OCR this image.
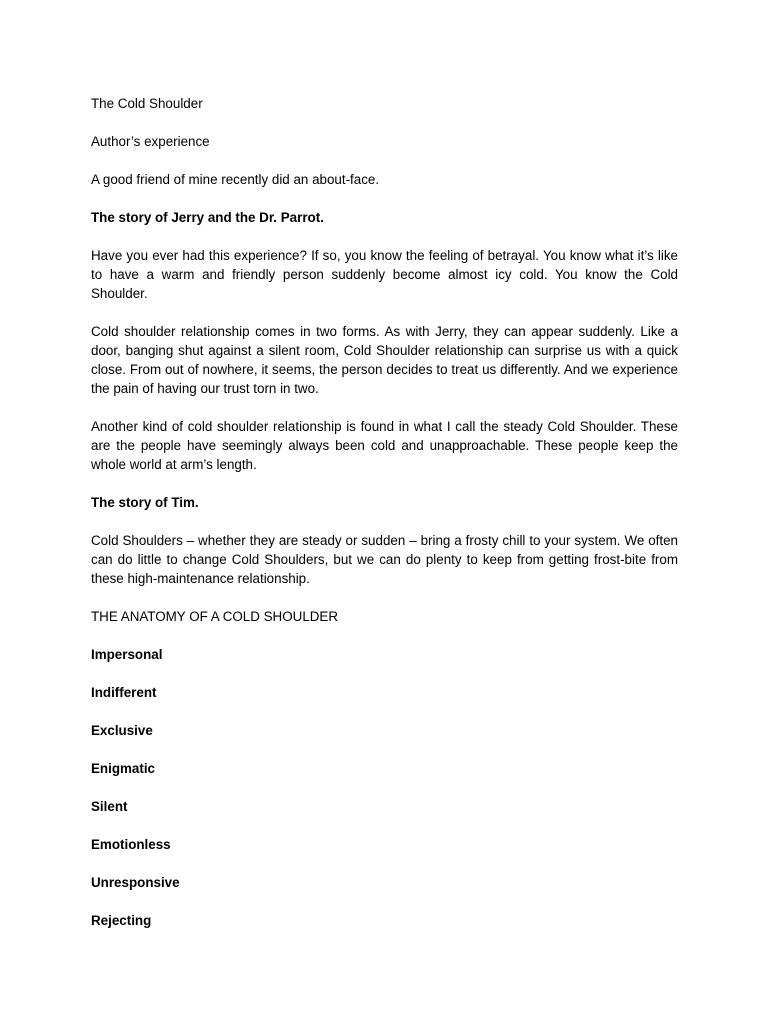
The Cold Shoulder

Author’s experience

A good friend of mine recently did an about-face.

The story of Jerry and the Dr. Parrot.

Have you ever had this experience? If so, you know the feeling of betrayal. You know what it’s like to have a warm and friendly person suddenly become almost icy cold. You know the Cold Shoulder.

Cold shoulder relationship comes in two forms. As with Jerry, they can appear suddenly. Like a door, banging shut against a silent room, Cold Shoulder relationship can surprise us with a quick close. From out of nowhere, it seems, the person decides to treat us differently. And we experience the pain of having our trust torn in two.

Another kind of cold shoulder relationship is found in what I call the steady Cold Shoulder. These are the people have seemingly always been cold and unapproachable. These people keep the whole world at arm’s length.

The story of Tim.

Cold Shoulders – whether they are steady or sudden – bring a frosty chill to your system. We often can do little to change Cold Shoulders, but we can do plenty to keep from getting frost-bite from these high-maintenance relationship.

THE ANATOMY OF A COLD SHOULDER

Impersonal

Indifferent

Exclusive

Enigmatic

Silent

Emotionless

Unresponsive

Rejecting
